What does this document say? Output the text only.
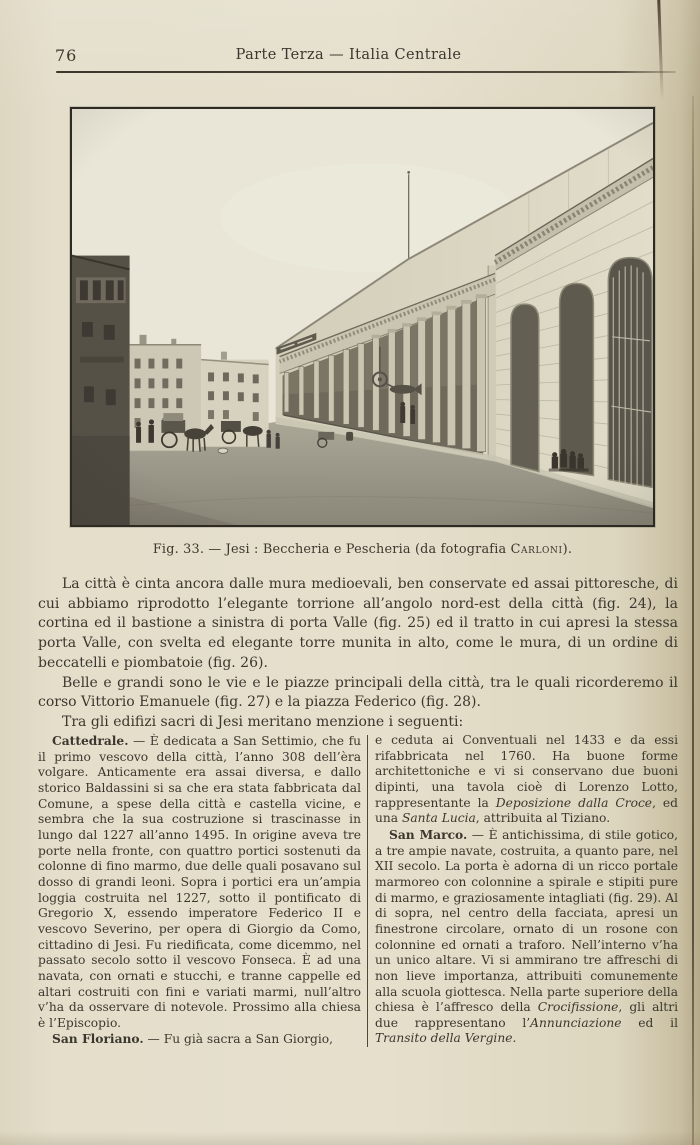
76	Parte Terza — Italia Centrale
Fig. 33. — Jesi : Beccheria e Pescheria (da fotografia Carloni).

La città è cinta ancora dalle mura medioevali, ben conservate ed assai pittoresche, di cui abbiamo riprodotto l’elegante torrione all’angolo nord-est della città (fig. 24), la cortina ed il bastione a sinistra di porta Valle (fig. 25) ed il tratto in cui apresi la stessa porta Valle, con svelta ed elegante torre munita in alto, come le mura, di un ordine di beccatelli e piombatoie (fig. 26).

Belle e grandi sono le vie e le piazze principali della città, tra le quali ricorderemo il corso Vittorio Emanuele (fig. 27) e la piazza Federico (fig. 28).

Tra gli edifizi sacri di Jesi meritano menzione i seguenti:

Cattedrale. — È dedicata a San Settimio, che fu il primo vescovo della città, l’anno 308 dell’èra volgare. Anticamente era assai diversa, e dallo storico Baldassini si sa che era stata fabbricata dal Comune, a spese della città e castella vicine, e sembra che la sua costruzione si trascinasse in lungo dal 1227 all’anno 1495. In origine aveva tre porte nella fronte, con quattro portici sostenuti da colonne di fino marmo, due delle quali posavano sul dosso di grandi leoni. Sopra i portici era un’ampia loggia costruita nel 1227, sotto il pontificato di Gregorio X, essendo imperatore Federico II e vescovo Severino, per opera di Giorgio da Como, cittadino di Jesi. Fu riedificata, come dicemmo, nel passato secolo sotto il vescovo Fonseca. È ad una navata, con ornati e stucchi, e tranne cappelle ed altari costruiti con fini e variati marmi, null’altro v’ha da osservare di notevole. Prossimo alla chiesa è l’Episcopio.

San Floriano. — Fu già sacra a San Giorgio,

e ceduta ai Conventuali nel 1433 e da essi rifabbricata nel 1760. Ha buone forme architettoniche e vi si conservano due buoni dipinti, una tavola cioè di Lorenzo Lotto, rappresentante la Deposizione dalla Croce, ed una Santa Lucia, attribuita al Tiziano.

San Marco. — È antichissima, di stile gotico, a tre ampie navate, costruita, a quanto pare, nel XII secolo. La porta è adorna di un ricco portale marmoreo con colonnine a spirale e stipiti pure di marmo, e graziosamente intagliati (fig. 29). Al di sopra, nel centro della facciata, apresi un finestrone circolare, ornato di un rosone con colonnine ed ornati a traforo. Nell’interno v’ha un unico altare. Vi si ammirano tre affreschi di non lieve importanza, attribuiti comunemente alla scuola giottesca. Nella parte superiore della chiesa è l’affresco della Crocifissione, gli altri due rappresentano l’Annunciazione ed il Transito della Vergine.
